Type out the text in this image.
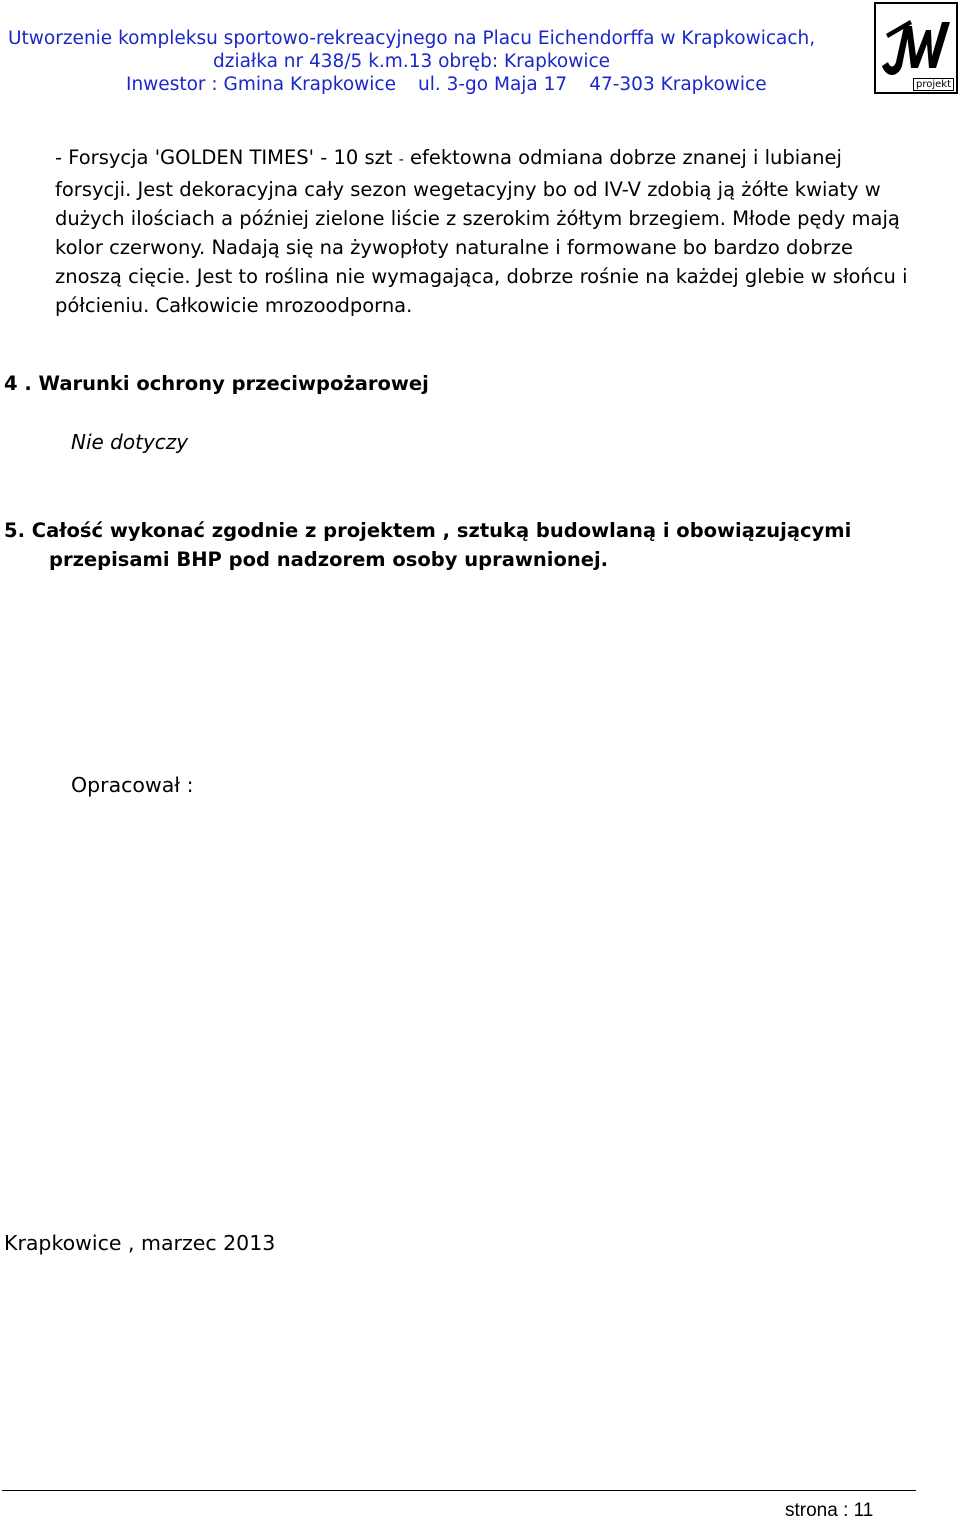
Utworzenie kompleksu sportowo-rekreacyjnego na Placu Eichendorffa w Krapkowicach,
działka nr 438/5 k.m.13 obręb: Krapkowice
Inwestor : Gmina Krapkowice ul. 3-go Maja 17 47-303 Krapkowice	projekt
- Forsycja 'GOLDEN TIMES' - 10 szt - efektowna odmiana dobrze znanej i lubianej forsycji. Jest dekoracyjna cały sezon wegetacyjny bo od IV-V zdobią ją żółte kwiaty w dużych ilościach a później zielone liście z szerokim żółtym brzegiem. Młode pędy mają kolor czerwony. Nadają się na żywopłoty naturalne i formowane bo bardzo dobrze znoszą cięcie. Jest to roślina nie wymagająca, dobrze rośnie na każdej glebie w słońcu i półcieniu. Całkowicie mrozoodporna.
4 . Warunki ochrony przeciwpożarowej
Nie dotyczy
5. Całość wykonać zgodnie z projektem , sztuką budowlaną i obowiązującymi
przepisami BHP pod nadzorem osoby uprawnionej.
Opracował :
Krapkowice , marzec 2013
strona : 11
